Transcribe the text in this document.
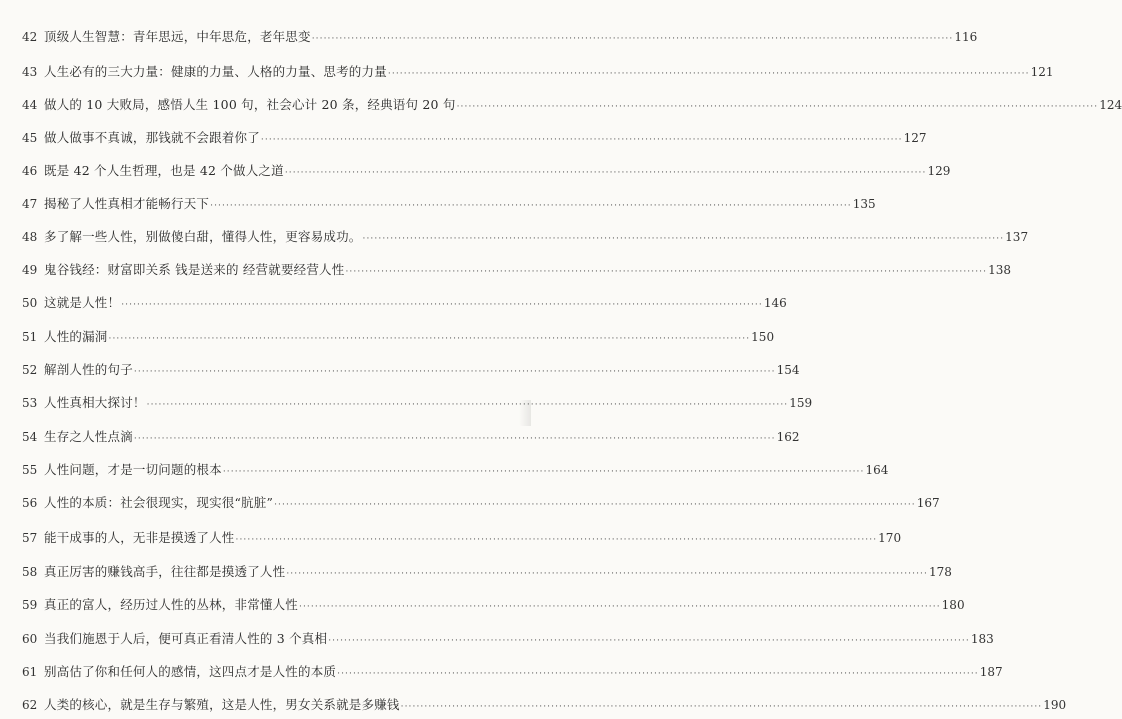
42 顶级人生智慧：青年思远，中年思危，老年思变 ·····	116
43 人生必有的三大力量：健康的力量、人格的力量、思考的力量 ·····	121
44 做人的 10 大败局，感悟人生 100 句，社会心计 20 条，经典语句 20 句 ·····	124
45 做人做事不真诚，那钱就不会跟着你了 ·····	127
46 既是 42 个人生哲理，也是 42 个做人之道 ·····	129
47 揭秘了人性真相才能畅行天下 ·····	135
48 多了解一些人性，别做傻白甜，懂得人性，更容易成功。 ·····	137
49 鬼谷钱经：财富即关系 钱是送来的 经营就要经营人性 ·····	138
50 这就是人性！ ·····	146
51 人性的漏洞 ·····	150
52 解剖人性的句子 ·····	154
53 人性真相大探讨！ ·····	159
54 生存之人性点滴 ·····	162
55 人性问题，才是一切问题的根本 ·····	164
56 人性的本质：社会很现实，现实很“肮脏” ·····	167
57 能干成事的人，无非是摸透了人性 ·····	170
58 真正厉害的赚钱高手，往往都是摸透了人性 ·····	178
59 真正的富人，经历过人性的丛林，非常懂人性 ·····	180
60 当我们施恩于人后，便可真正看清人性的 3 个真相 ·····	183
61 别高估了你和任何人的感情，这四点才是人性的本质 ·····	187
62 人类的核心，就是生存与繁殖，这是人性，男女关系就是多赚钱 ·····	190
